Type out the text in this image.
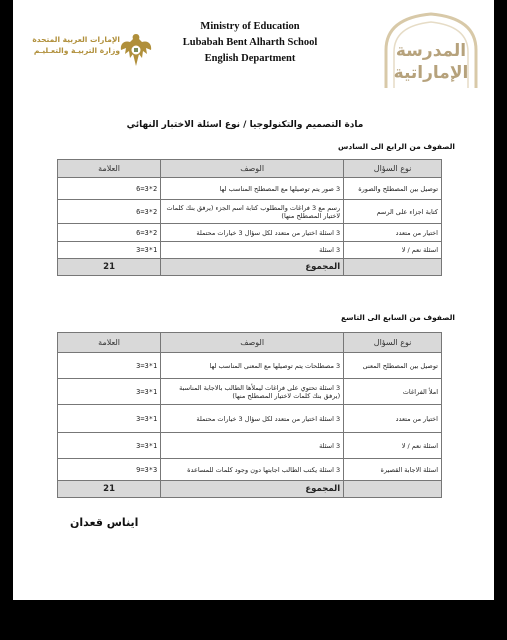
الإمارات العربية المتحدة
وزارة التربيـة والتعـليـم
Ministry of Education
Lubabah Bent Alharth School
English Department	المدرسة
الإماراتية
مادة التصميم والتكنولوجيا / نوع اسئلة الاختبار النهائي
الصفوف من الرابع الى السادس
نوع السؤال	الوصف	العلامة
توصيل بين المصطلح والصورة	3 صور يتم توصيلها مع المصطلح المناسب لها	2*3=6
كتابة اجزاء على الرسم	رسم مع 3 فراغات والمطلوب كتابة اسم الجزء (يرفق بنك كلمات لاختيار المصطلح منها)	2*3=6
اختيار من متعدد	3 اسئلة اختيار من متعدد لكل سؤال 3 خيارات محتملة	2*3=6
اسئلة نعم / لا	3 اسئلة	1*3=3
	المجموع	21
الصفوف من السابع الى التاسع
نوع السؤال	الوصف	العلامة
توصيل بين المصطلح المعنى	3 مصطلحات يتم توصيلها مع المعنى المناسب لها	1*3=3
املأ الفراغات	3 اسئلة تحتوي على فراغات ليملأها الطالب بالاجابة المناسبة (يرفق بنك كلمات لاختيار المصطلح منها)	1*3=3
اختيار من متعدد	3 اسئلة اختيار من متعدد لكل سؤال 3 خيارات محتملة	1*3=3
اسئلة نعم / لا	3 اسئلة	1*3=3
اسئلة الاجابة القصيرة	3 اسئلة يكتب الطالب اجابتها دون وجود كلمات للمساعدة	3*3=9
	المجموع	21
ايناس قعدان
